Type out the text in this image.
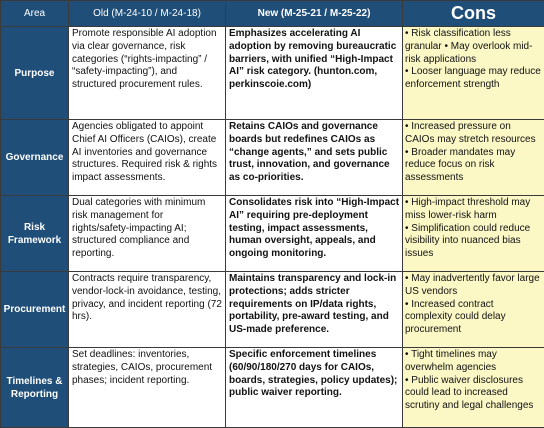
Area	Old (M-24-10 / M-24-18)	New (M-25-21 / M-25-22)	Cons
Purpose	Promote responsible AI adoption via clear governance, risk categories (“rights-impacting” / “safety-impacting”), and structured procurement rules.	Emphasizes accelerating AI adoption by removing bureaucratic barriers, with unified “High-Impact AI” risk category. (hunton.com, perkinscoie.com)	• Risk classification less granular • May overlook mid-risk applications
• Looser language may reduce enforcement strength

Governance	Agencies obligated to appoint Chief AI Officers (CAIOs), create AI inventories and governance structures. Required risk & rights impact assessments.	Retains CAIOs and governance boards but redefines CAIOs as “change agents,” and sets public trust, innovation, and governance as co-priorities.	• Increased pressure on CAIOs may stretch resources
• Broader mandates may reduce focus on risk assessments

Risk Framework	Dual categories with minimum risk management for rights/safety-impacting AI; structured compliance and reporting.	Consolidates risk into “High-Impact AI” requiring pre-deployment testing, impact assessments, human oversight, appeals, and ongoing monitoring.	• High-impact threshold may miss lower-risk harm
• Simplification could reduce visibility into nuanced bias issues

Procurement	Contracts require transparency, vendor-lock-in avoidance, testing, privacy, and incident reporting (72 hrs).	Maintains transparency and lock-in protections; adds stricter requirements on IP/data rights, portability, pre-award testing, and US-made preference.	• May inadvertently favor large US vendors
• Increased contract complexity could delay procurement

Timelines & Reporting	Set deadlines: inventories, strategies, CAIOs, procurement phases; incident reporting.	Specific enforcement timelines (60/90/180/270 days for CAIOs, boards, strategies, policy updates); public waiver reporting.	• Tight timelines may overwhelm agencies
• Public waiver disclosures could lead to increased scrutiny and legal challenges
